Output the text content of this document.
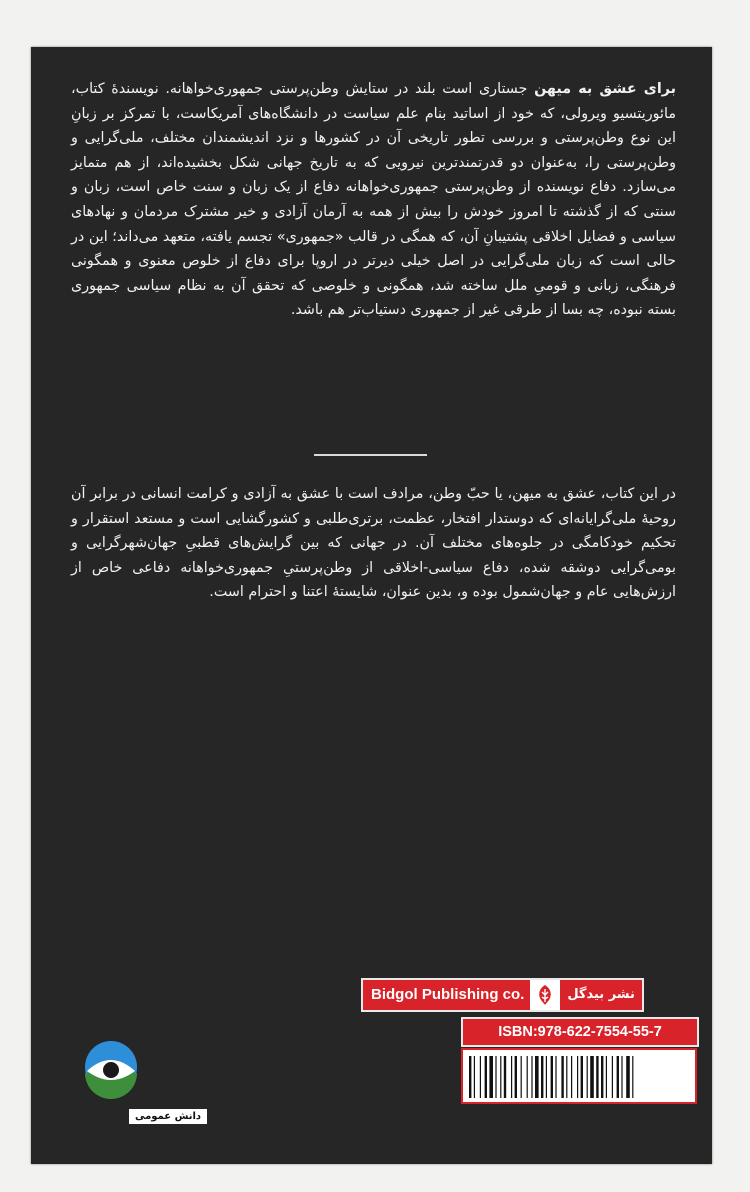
برای عشق به میهن جستاری است بلند در ستایش وطن‌پرستی جمهوری‌خواهانه. نویسندهٔ کتاب، مائوریتسیو ویرولی، که خود از اساتید بنام علم سیاست در دانشگاه‌های آمریکاست، با تمرکز بر زبانِ این نوع وطن‌پرستی و بررسی تطور تاریخی آن در کشورها و نزد اندیشمندان مختلف، ملی‌گرایی و وطن‌پرستی را، به‌عنوان دو قدرتمندترین نیرویی که به تاریخ جهانی شکل بخشیده‌اند، از هم متمایز می‌سازد. دفاع نویسنده از وطن‌پرستی جمهوری‌خواهانه دفاع از یک زبان و سنت خاص است، زبان و سنتی که از گذشته تا امروز خودش را بیش از همه به آرمان آزادی و خیر مشترک مردمان و نهادهای سیاسی و فضایل اخلاقی پشتیبانِ آن، که همگی در قالب «جمهوری» تجسم یافته، متعهد می‌داند؛ این در حالی است که زبان ملی‌گرایی در اصل خیلی دیرتر در اروپا برای دفاع از خلوص معنوی و همگونی فرهنگی، زبانی و قومیِ ملل ساخته شد، همگونی و خلوصی که تحقق آن به نظام سیاسی جمهوری بسته نبوده، چه بسا از طرقی غیر از جمهوری دستیاب‌تر هم باشد.

در این کتاب، عشق به میهن، یا حبّ وطن، مرادف است با عشق به آزادی و کرامت انسانی در برابر آن روحیهٔ ملی‌گرایانه‌ای که دوستدار افتخار، عظمت، برتری‌طلبی و کشورگشایی است و مستعد استقرار و تحکیم خودکامگی در جلوه‌های مختلف آن. در جهانی که بین گرایش‌های قطبیِ جهان‌شهرگرایی و بومی‌گرایی دوشقه شده، دفاع سیاسی-اخلاقی از وطن‌پرستیِ جمهوری‌خواهانه دفاعی خاص از ارزش‌هایی عام و جهان‌شمول بوده و، بدین عنوان، شایستهٔ اعتنا و احترام است.

Bidgol Publishing co.	نشر بیدگل
ISBN:978-622-7554-55-7
دانش عمومی
